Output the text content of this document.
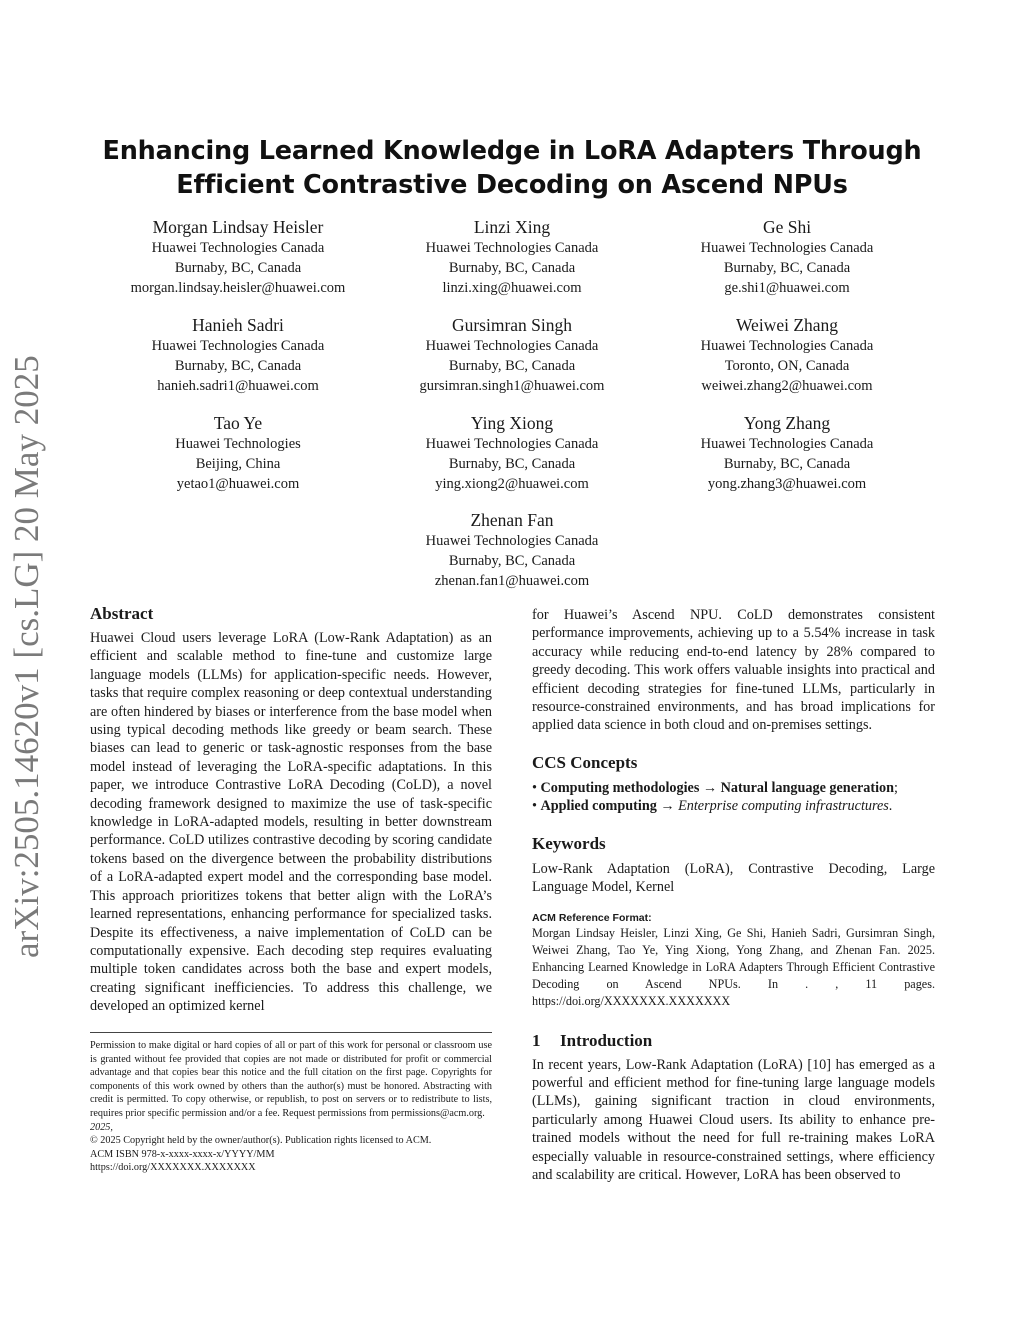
arXiv:2505.14620v1 [cs.LG] 20 May 2025
Enhancing Learned Knowledge in LoRA Adapters Through
Efficient Contrastive Decoding on Ascend NPUs
Morgan Lindsay Heisler
Huawei Technologies Canada
Burnaby, BC, Canada
morgan.lindsay.heisler@huawei.com
Linzi Xing
Huawei Technologies Canada
Burnaby, BC, Canada
linzi.xing@huawei.com
Ge Shi
Huawei Technologies Canada
Burnaby, BC, Canada
ge.shi1@huawei.com
Hanieh Sadri
Huawei Technologies Canada
Burnaby, BC, Canada
hanieh.sadri1@huawei.com
Gursimran Singh
Huawei Technologies Canada
Burnaby, BC, Canada
gursimran.singh1@huawei.com
Weiwei Zhang
Huawei Technologies Canada
Toronto, ON, Canada
weiwei.zhang2@huawei.com
Tao Ye
Huawei Technologies
Beijing, China
yetao1@huawei.com
Ying Xiong
Huawei Technologies Canada
Burnaby, BC, Canada
ying.xiong2@huawei.com
Yong Zhang
Huawei Technologies Canada
Burnaby, BC, Canada
yong.zhang3@huawei.com
Zhenan Fan
Huawei Technologies Canada
Burnaby, BC, Canada
zhenan.fan1@huawei.com
Abstract

Huawei Cloud users leverage LoRA (Low-Rank Adaptation) as an efficient and scalable method to fine-tune and customize large language models (LLMs) for application-specific needs. However, tasks that require complex reasoning or deep contextual understanding are often hindered by biases or interference from the base model when using typical decoding methods like greedy or beam search. These biases can lead to generic or task-agnostic responses from the base model instead of leveraging the LoRA-specific adaptations. In this paper, we introduce Contrastive LoRA Decoding (CoLD), a novel decoding framework designed to maximize the use of task-specific knowledge in LoRA-adapted models, resulting in better downstream performance. CoLD utilizes contrastive decoding by scoring candidate tokens based on the divergence between the probability distributions of a LoRA-adapted expert model and the corresponding base model. This approach prioritizes tokens that better align with the LoRA’s learned representations, enhancing performance for specialized tasks. Despite its effectiveness, a naive implementation of CoLD can be computationally expensive. Each decoding step requires evaluating multiple token candidates across both the base and expert models, creating significant inefficiencies. To address this challenge, we developed an optimized kernel

Permission to make digital or hard copies of all or part of this work for personal or classroom use is granted without fee provided that copies are not made or distributed for profit or commercial advantage and that copies bear this notice and the full citation on the first page. Copyrights for components of this work owned by others than the author(s) must be honored. Abstracting with credit is permitted. To copy otherwise, or republish, to post on servers or to redistribute to lists, requires prior specific permission and/or a fee. Request permissions from permissions@acm.org.

2025,

© 2025 Copyright held by the owner/author(s). Publication rights licensed to ACM.

ACM ISBN 978-x-xxxx-xxxx-x/YYYY/MM

https://doi.org/XXXXXXX.XXXXXXX

for Huawei’s Ascend NPU. CoLD demonstrates consistent performance improvements, achieving up to a 5.54% increase in task accuracy while reducing end-to-end latency by 28% compared to greedy decoding. This work offers valuable insights into practical and efficient decoding strategies for fine-tuned LLMs, particularly in resource-constrained environments, and has broad implications for applied data science in both cloud and on-premises settings.

CCS Concepts

• Computing methodologies → Natural language generation;

• Applied computing → Enterprise computing infrastructures.

Keywords

Low-Rank Adaptation (LoRA), Contrastive Decoding, Large Language Model, Kernel

ACM Reference Format:

Morgan Lindsay Heisler, Linzi Xing, Ge Shi, Hanieh Sadri, Gursimran Singh, Weiwei Zhang, Tao Ye, Ying Xiong, Yong Zhang, and Zhenan Fan. 2025. Enhancing Learned Knowledge in LoRA Adapters Through Efficient Contrastive Decoding on Ascend NPUs. In . , 11 pages. https://doi.org/XXXXXXX.XXXXXXX

1 Introduction

In recent years, Low-Rank Adaptation (LoRA) [10] has emerged as a powerful and efficient method for fine-tuning large language models (LLMs), gaining significant traction in cloud environments, particularly among Huawei Cloud users. Its ability to enhance pre-trained models without the need for full re-training makes LoRA especially valuable in resource-constrained settings, where efficiency and scalability are critical. However, LoRA has been observed to
